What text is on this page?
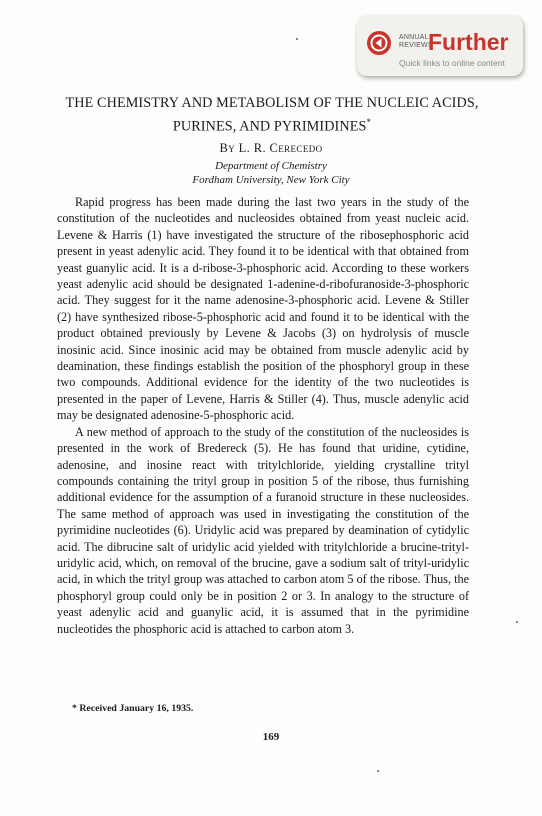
ANNUAL
REVIEWS
Further
Quick links to online content
THE CHEMISTRY AND METABOLISM OF THE NUCLEIC ACIDS, PURINES, AND PYRIMIDINES*
By L. R. Cerecedo
Department of Chemistry
Fordham University, New York City

Rapid progress has been made during the last two years in the study of the constitution of the nucleotides and nucleosides obtained from yeast nucleic acid. Levene & Harris (1) have investigated the structure of the ribosephosphoric acid present in yeast adenylic acid. They found it to be identical with that obtained from yeast guanylic acid. It is a d-ribose-3-phosphoric acid. According to these workers yeast adenylic acid should be designated 1-adenine-d-ribofuranoside-3-phosphoric acid. They suggest for it the name adenosine-3-phosphoric acid. Levene & Stiller (2) have synthesized ribose-5-phosphoric acid and found it to be identical with the product obtained previously by Levene & Jacobs (3) on hydrolysis of muscle inosinic acid. Since inosinic acid may be obtained from muscle adenylic acid by deamination, these findings establish the position of the phosphoryl group in these two compounds. Additional evidence for the identity of the two nucleotides is presented in the paper of Levene, Harris & Stiller (4). Thus, muscle adenylic acid may be designated adenosine-5-phosphoric acid.

A new method of approach to the study of the constitution of the nucleosides is presented in the work of Bredereck (5). He has found that uridine, cytidine, adenosine, and inosine react with tritylchloride, yielding crystalline trityl compounds containing the trityl group in position 5 of the ribose, thus furnishing additional evidence for the assumption of a furanoid structure in these nucleosides. The same method of approach was used in investigating the constitution of the pyrimidine nucleotides (6). Uridylic acid was prepared by deamination of cytidylic acid. The dibrucine salt of uridylic acid yielded with tritylchloride a brucine-trityl-uridylic acid, which, on removal of the brucine, gave a sodium salt of trityl-uridylic acid, in which the trityl group was attached to carbon atom 5 of the ribose. Thus, the phosphoryl group could only be in position 2 or 3. In analogy to the structure of yeast adenylic acid and guanylic acid, it is assumed that in the pyrimidine nucleotides the phosphoric acid is attached to carbon atom 3.

* Received January 16, 1935.
169
